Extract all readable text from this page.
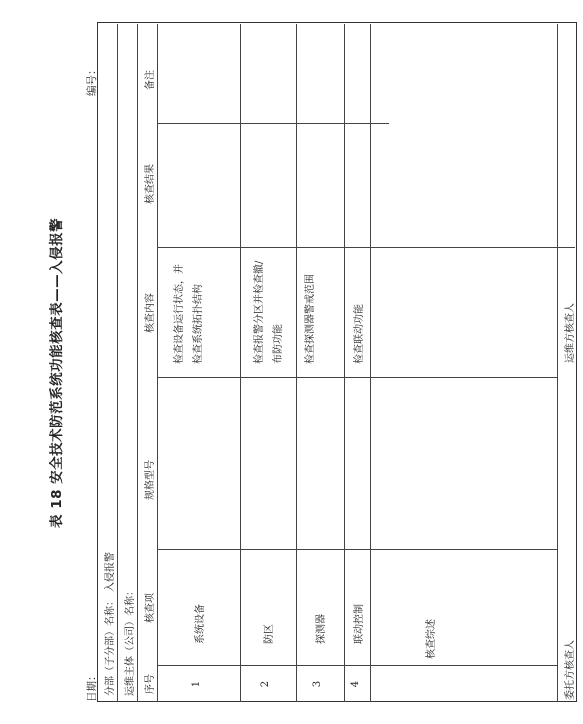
表 18 安全技术防范系统功能核查表——入侵报警
日期：
编号：
分部（子分部）名称：
入侵报警
运维主体（公司）名称： 序号
核查项
规格型号
核查内容
核查结果
备注
1
系统设备
检查设备运行状态，并检查系统拓扑结构
2
防区
检查报警分区并检查撤/布防功能
3
探测器
检查探测器警戒范围
4
联动控制
检查联动功能
核查综述
委托方核查人
运维方核查人
